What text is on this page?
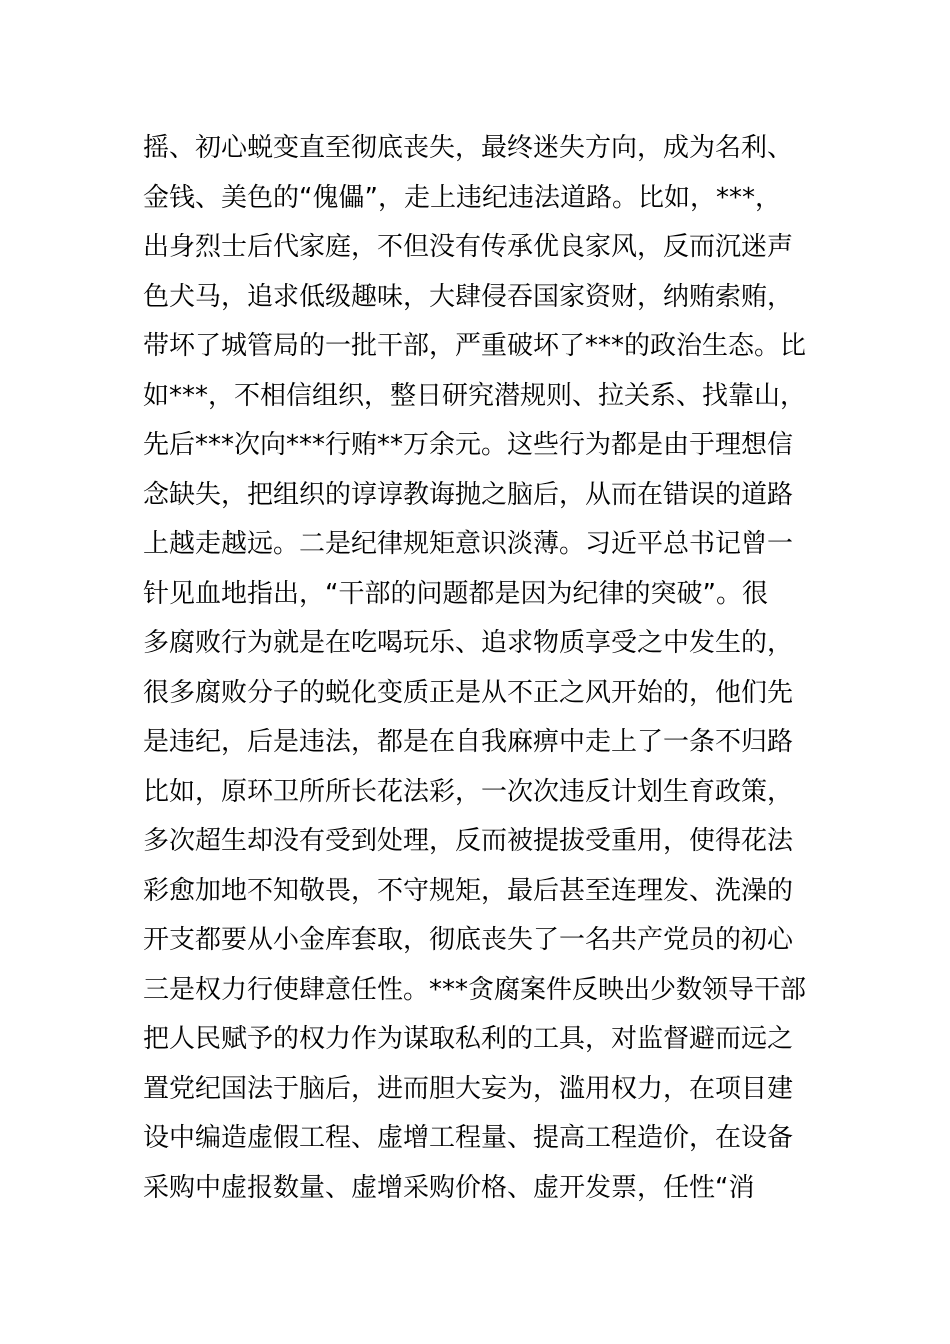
摇、初心蜕变直至彻底丧失，最终迷失方向，成为名利、
金钱、美色的“傀儡”，走上违纪违法道路。比如，***，
出身烈士后代家庭，不但没有传承优良家风，反而沉迷声
色犬马，追求低级趣味，大肆侵吞国家资财，纳贿索贿，
带坏了城管局的一批干部，严重破坏了***的政治生态。比
如***，不相信组织，整日研究潜规则、拉关系、找靠山，
先后***次向***行贿**万余元。这些行为都是由于理想信
念缺失，把组织的谆谆教诲抛之脑后，从而在错误的道路
上越走越远。二是纪律规矩意识淡薄。习近平总书记曾一
针见血地指出，“干部的问题都是因为纪律的突破”。很
多腐败行为就是在吃喝玩乐、追求物质享受之中发生的，
很多腐败分子的蜕化变质正是从不正之风开始的，他们先
是违纪，后是违法，都是在自我麻痹中走上了一条不归路
比如，原环卫所所长花法彩，一次次违反计划生育政策，
多次超生却没有受到处理，反而被提拔受重用，使得花法
彩愈加地不知敬畏，不守规矩，最后甚至连理发、洗澡的
开支都要从小金库套取，彻底丧失了一名共产党员的初心
三是权力行使肆意任性。***贪腐案件反映出少数领导干部
把人民赋予的权力作为谋取私利的工具，对监督避而远之
置党纪国法于脑后，进而胆大妄为，滥用权力，在项目建
设中编造虚假工程、虚增工程量、提高工程造价，在设备
采购中虚报数量、虚增采购价格、虚开发票，任性“消
